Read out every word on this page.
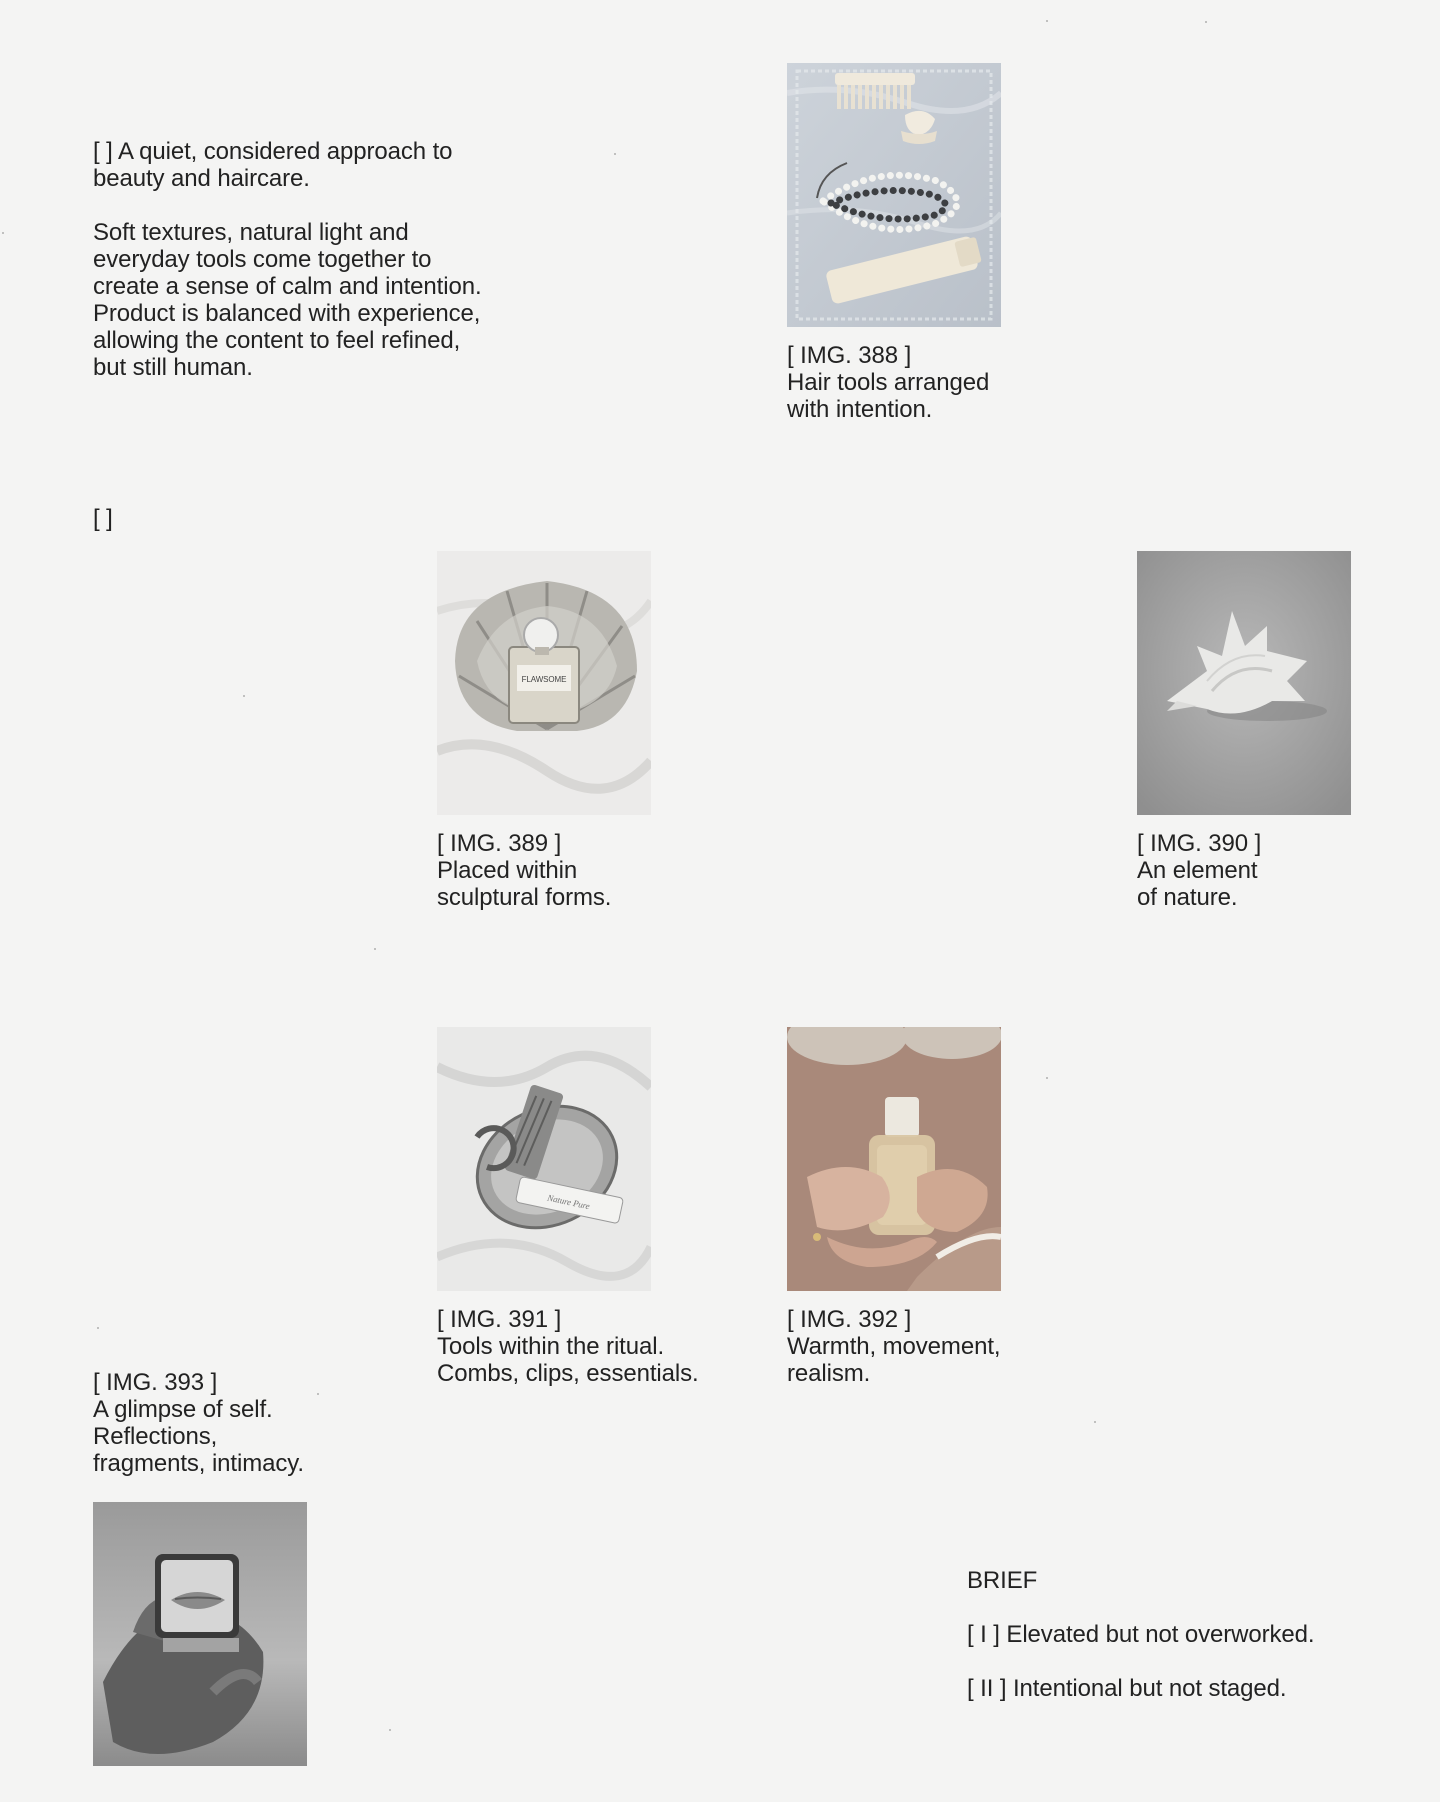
[ ] A quiet, considered approach to
beauty and haircare.

Soft textures, natural light and
everyday tools come together to
create a sense of calm and intention.
Product is balanced with experience,
allowing the content to feel refined,
but still human.

[ ]

[ IMG. 388 ]
Hair tools arranged
with intention.

FLAWSOME

[ IMG. 389 ]
Placed within
sculptural forms.

[ IMG. 390 ]
An element
of nature.

Nature Pure

[ IMG. 391 ]
Tools within the ritual.
Combs, clips, essentials.

[ IMG. 392 ]
Warmth, movement,
realism.

[ IMG. 393 ]
A glimpse of self.
Reflections,
fragments, intimacy.

BRIEF

[ I ] Elevated but not overworked.

[ II ] Intentional but not staged.
